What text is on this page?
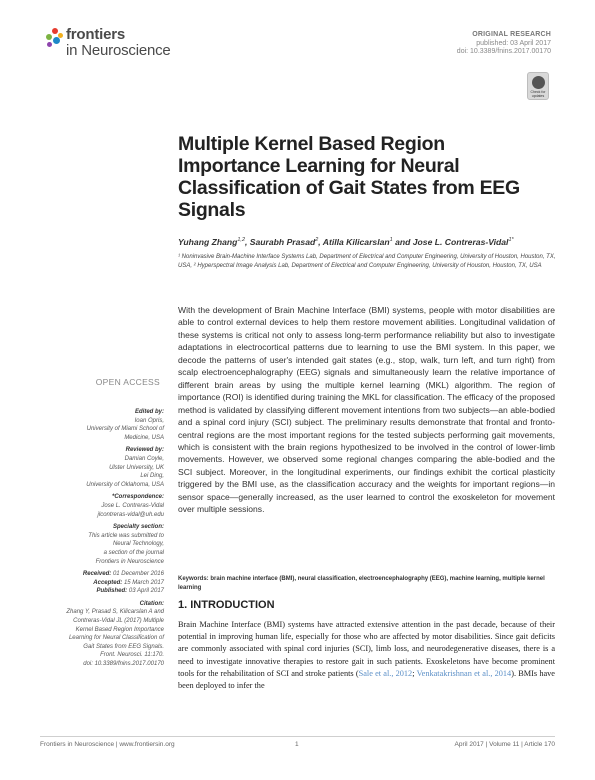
frontiers
in Neuroscience
ORIGINAL RESEARCH
published: 03 April 2017
doi: 10.3389/fnins.2017.00170
Check for updates
Multiple Kernel Based Region Importance Learning for Neural Classification of Gait States from EEG Signals
Yuhang Zhang$^{1,2}$, Saurabh Prasad$^2$, Atilla Kilicarslan$^1$ and Jose L. Contreras-Vidal$^{1*}$
¹ Noninvasive Brain-Machine Interface Systems Lab, Department of Electrical and Computer Engineering, University of Houston, Houston, TX, USA, ² Hyperspectral Image Analysis Lab, Department of Electrical and Computer Engineering, University of Houston, Houston, TX, USA
With the development of Brain Machine Interface (BMI) systems, people with motor disabilities are able to control external devices to help them restore movement abilities. Longitudinal validation of these systems is critical not only to assess long-term performance reliability but also to investigate adaptations in electrocortical patterns due to learning to use the BMI system. In this paper, we decode the patterns of user's intended gait states (e.g., stop, walk, turn left, and turn right) from scalp electroencephalography (EEG) signals and simultaneously learn the relative importance of different brain areas by using the multiple kernel learning (MKL) algorithm. The region of importance (ROI) is identified during training the MKL for classification. The efficacy of the proposed method is validated by classifying different movement intentions from two subjects—an able-bodied and a spinal cord injury (SCI) subject. The preliminary results demonstrate that frontal and fronto-central regions are the most important regions for the tested subjects performing gait movements, which is consistent with the brain regions hypothesized to be involved in the control of lower-limb movements. However, we observed some regional changes comparing the able-bodied and the SCI subject. Moreover, in the longitudinal experiments, our findings exhibit the cortical plasticity triggered by the BMI use, as the classification accuracy and the weights for important regions—in sensor space—generally increased, as the user learned to control the exoskeleton for movement over multiple sessions.
Keywords: brain machine interface (BMI), neural classification, electroencephalography (EEG), machine learning, multiple kernel learning
1. INTRODUCTION
Brain Machine Interface (BMI) systems have attracted extensive attention in the past decade, because of their potential in improving human life, especially for those who are affected by motor disabilities. Since gait deficits are commonly associated with spinal cord injuries (SCI), limb loss, and neurodegenerative diseases, there is a need to investigate innovative therapies to restore gait in such patients. Exoskeletons have become prominent tools for the rehabilitation of SCI and stroke patients (Sale et al., 2012; Venkatakrishnan et al., 2014). BMIs have been deployed to infer the
OPEN ACCESS
Edited by:
Ioan Opris,
University of Miami School of
Medicine, USA
Reviewed by:
Damian Coyle,
Ulster University, UK
Lei Ding,
University of Oklahoma, USA
*Correspondence:
Jose L. Contreras-Vidal
jlcontreras-vidal@uh.edu
Specialty section:
This article was submitted to
Neural Technology,
a section of the journal
Frontiers in Neuroscience
Received: 01 December 2016
Accepted: 15 March 2017
Published: 03 April 2017
Citation:
Zhang Y, Prasad S, Kilicarslan A and
Contreras-Vidal JL (2017) Multiple
Kernel Based Region Importance
Learning for Neural Classification of
Gait States from EEG Signals.
Front. Neurosci. 11:170.
doi: 10.3389/fnins.2017.00170
Frontiers in Neuroscience | www.frontiersin.org	1	April 2017 | Volume 11 | Article 170
